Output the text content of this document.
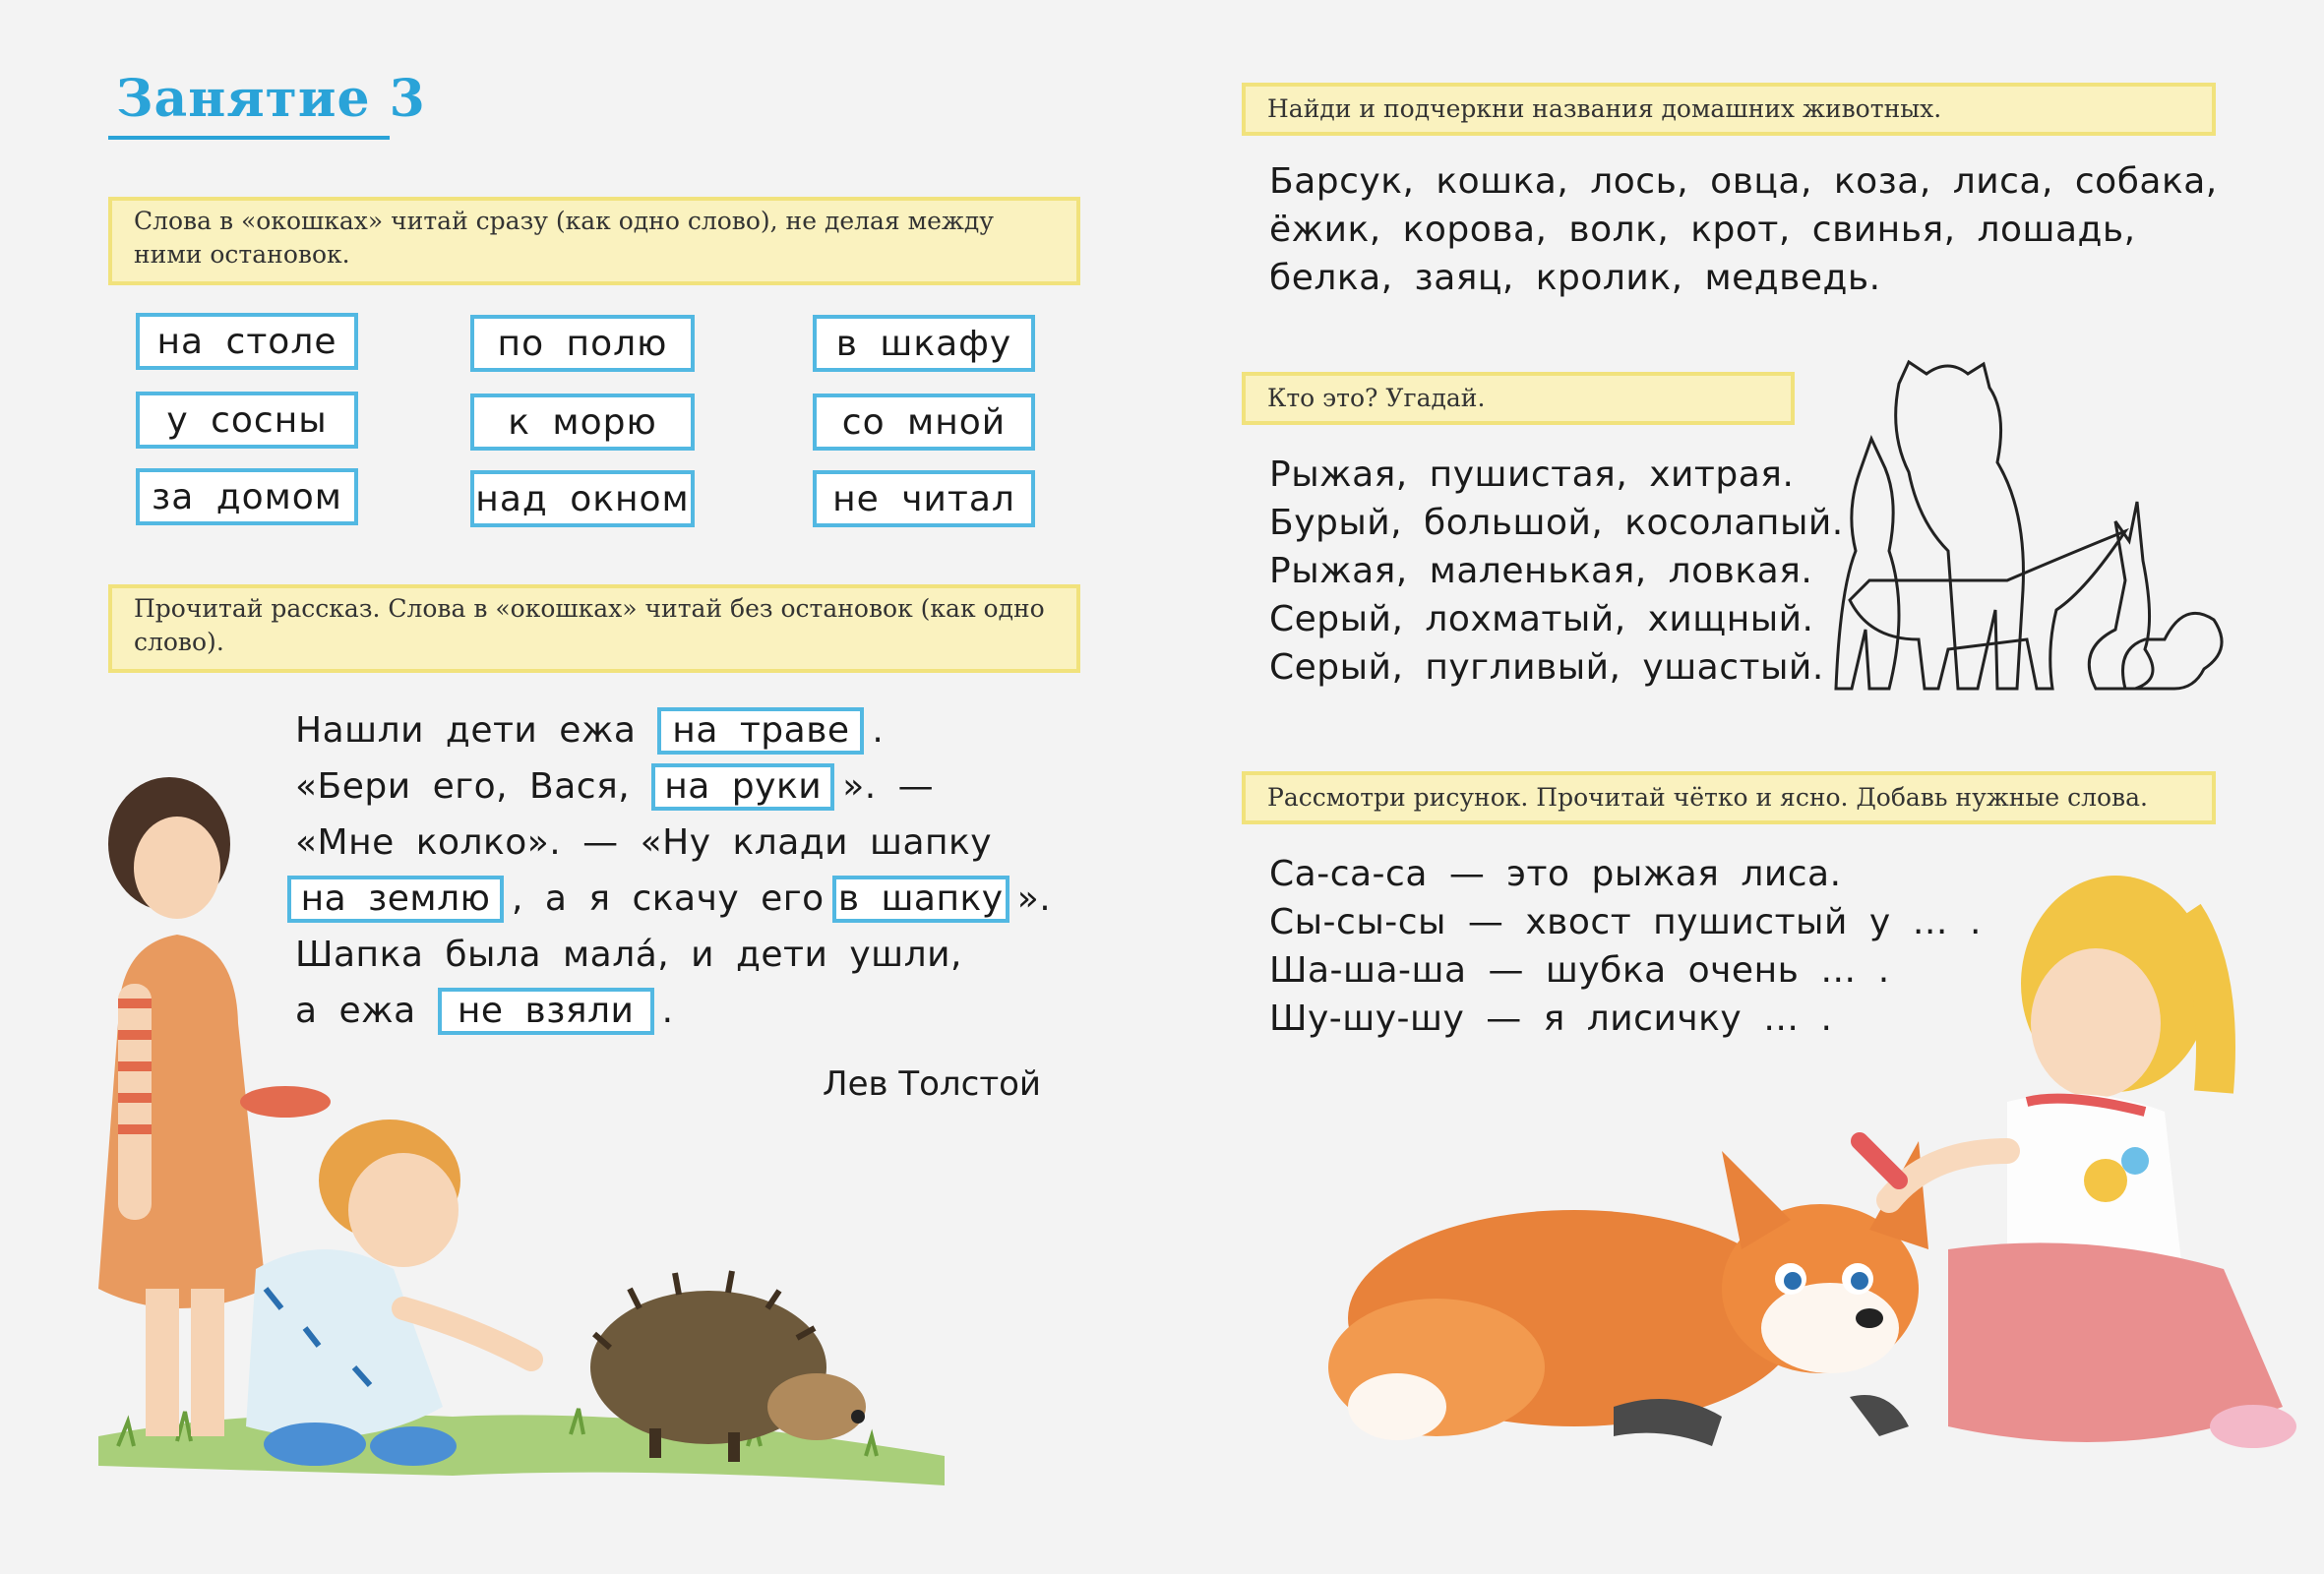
Занятие 3
Слова в «окошках» читай сразу (как одно слово), не делая между ними остановок.
на столе	по полю	в шкафу
у сосны	к морю	со мной
за домом	над окном	не читал
Прочитай рассказ. Слова в «окошках» читай без остановок (как одно слово).
Нашли дети ежа	на траве .
«Бери его, Вася, на руки ». —
«Мне колко». — «Ну клади шапку
на землю , а я скачу его в шапку ».
Шапка была мала́, и дети ушли,
а ежа	не взяли .
Лев Толстой
Найди и подчеркни названия домашних животных.
Барсук, кошка, лось, овца, коза, лиса, собака,
ёжик, корова, волк, крот, свинья, лошадь,
белка, заяц, кролик, медведь.
Кто это? Угадай.
Рыжая, пушистая, хитрая.
Бурый, большой, косолапый.
Рыжая, маленькая, ловкая.
Серый, лохматый, хищный.
Серый, пугливый, ушастый.
Рассмотри рисунок. Прочитай чётко и ясно. Добавь нужные слова.
Са-са-са — это рыжая лиса.
Сы-сы-сы — хвост пушистый у … .
Ша-ша-ша — шубка очень … .
Шу-шу-шу — я лисичку … .
